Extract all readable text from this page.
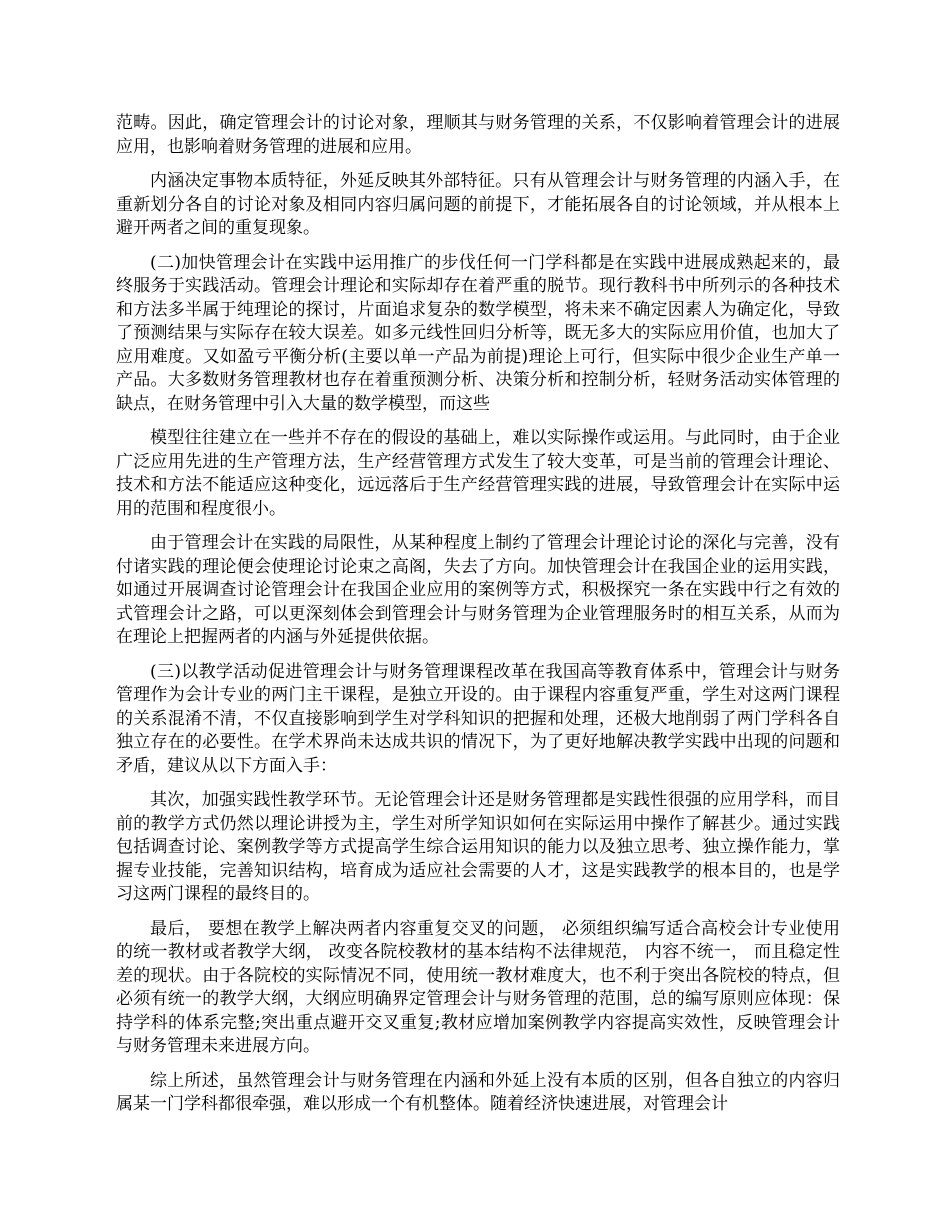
范畴。因此，确定管理会计的讨论对象，理顺其与财务管理的关系，不仅影响着管理会计的进展应用，也影响着财务管理的进展和应用。

内涵决定事物本质特征，外延反映其外部特征。只有从管理会计与财务管理的内涵入手，在重新划分各自的讨论对象及相同内容归属问题的前提下，才能拓展各自的讨论领域，并从根本上避开两者之间的重复现象。

(二)加快管理会计在实践中运用推广的步伐任何一门学科都是在实践中进展成熟起来的，最终服务于实践活动。管理会计理论和实际却存在着严重的脱节。现行教科书中所列示的各种技术和方法多半属于纯理论的探讨，片面追求复杂的数学模型，将未来不确定因素人为确定化，导致了预测结果与实际存在较大误差。如多元线性回归分析等，既无多大的实际应用价值，也加大了应用难度。又如盈亏平衡分析(主要以单一产品为前提)理论上可行，但实际中很少企业生产单一产品。大多数财务管理教材也存在着重预测分析、决策分析和控制分析，轻财务活动实体管理的缺点，在财务管理中引入大量的数学模型，而这些

模型往往建立在一些并不存在的假设的基础上，难以实际操作或运用。与此同时，由于企业广泛应用先进的生产管理方法，生产经营管理方式发生了较大变革，可是当前的管理会计理论、技术和方法不能适应这种变化，远远落后于生产经营管理实践的进展，导致管理会计在实际中运用的范围和程度很小。

由于管理会计在实践的局限性，从某种程度上制约了管理会计理论讨论的深化与完善，没有付诸实践的理论便会使理论讨论束之高阁，失去了方向。加快管理会计在我国企业的运用实践，如通过开展调查讨论管理会计在我国企业应用的案例等方式，积极探究一条在实践中行之有效的式管理会计之路，可以更深刻体会到管理会计与财务管理为企业管理服务时的相互关系，从而为在理论上把握两者的内涵与外延提供依据。

(三)以教学活动促进管理会计与财务管理课程改革在我国高等教育体系中，管理会计与财务管理作为会计专业的两门主干课程，是独立开设的。由于课程内容重复严重，学生对这两门课程的关系混淆不清，不仅直接影响到学生对学科知识的把握和处理，还极大地削弱了两门学科各自独立存在的必要性。在学术界尚未达成共识的情况下，为了更好地解决教学实践中出现的问题和矛盾，建议从以下方面入手：

其次，加强实践性教学环节。无论管理会计还是财务管理都是实践性很强的应用学科，而目前的教学方式仍然以理论讲授为主，学生对所学知识如何在实际运用中操作了解甚少。通过实践包括调查讨论、案例教学等方式提高学生综合运用知识的能力以及独立思考、独立操作能力，掌握专业技能，完善知识结构，培育成为适应社会需要的人才，这是实践教学的根本目的，也是学习这两门课程的最终目的。

最后， 要想在教学上解决两者内容重复交叉的问题， 必须组织编写适合高校会计专业使用的统一教材或者教学大纲， 改变各院校教材的基本结构不法律规范， 内容不统一， 而且稳定性差的现状。由于各院校的实际情况不同，使用统一教材难度大，也不利于突出各院校的特点，但必须有统一的教学大纲，大纲应明确界定管理会计与财务管理的范围，总的编写原则应体现：保持学科的体系完整;突出重点避开交叉重复;教材应增加案例教学内容提高实效性，反映管理会计与财务管理未来进展方向。

综上所述，虽然管理会计与财务管理在内涵和外延上没有本质的区别，但各自独立的内容归属某一门学科都很牵强，难以形成一个有机整体。随着经济快速进展，对管理会计
